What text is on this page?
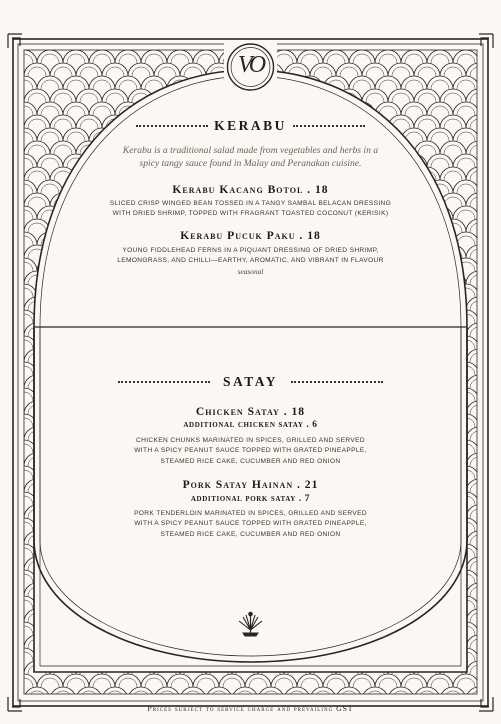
VO
KERABU
Kerabu is a traditional salad made from vegetables and herbs in a
spicy tangy sauce found in Malay and Peranakan cuisine.
Kerabu Kacang Botol . 18
SLICED CRISP WINGED BEAN TOSSED IN A TANGY SAMBAL BELACAN DRESSING
WITH DRIED SHRIMP, TOPPED WITH FRAGRANT TOASTED COCONUT (KERISIK)
Kerabu Pucuk Paku . 18
YOUNG FIDDLEHEAD FERNS IN A PIQUANT DRESSING OF DRIED SHRIMP,
LEMONGRASS, AND CHILLI—EARTHY, AROMATIC, AND VIBRANT IN FLAVOUR
seasonal
SATAY
Chicken Satay . 18
additional chicken satay . 6
CHICKEN CHUNKS MARINATED IN SPICES, GRILLED AND SERVED
WITH A SPICY PEANUT SAUCE TOPPED WITH GRATED PINEAPPLE,
STEAMED RICE CAKE, CUCUMBER AND RED ONION
Pork Satay Hainan . 21
additional pork satay . 7
PORK TENDERLOIN MARINATED IN SPICES, GRILLED AND SERVED
WITH A SPICY PEANUT SAUCE TOPPED WITH GRATED PINEAPPLE,
STEAMED RICE CAKE, CUCUMBER AND RED ONION
Prices subject to service charge and prevailing GST
